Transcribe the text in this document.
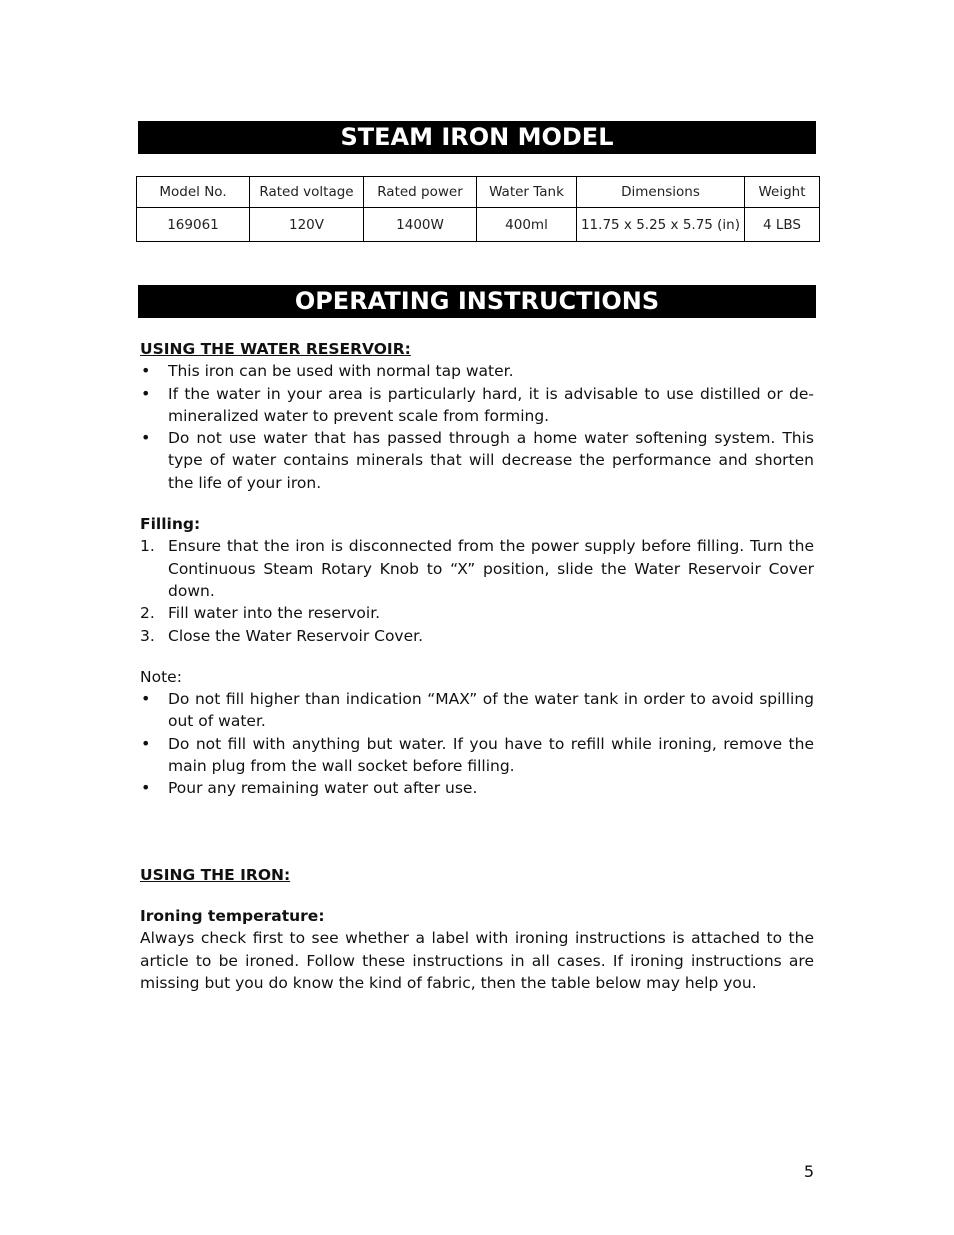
STEAM IRON MODEL
Model No.	Rated voltage	Rated power	Water Tank	Dimensions	Weight
169061	120V	1400W	400ml	11.75 x 5.25 x 5.75 (in)	4 LBS
OPERATING INSTRUCTIONS

USING THE WATER RESERVOIR:

• This iron can be used with normal tap water.
• If the water in your area is particularly hard, it is advisable to use distilled or de-mineralized water to prevent scale from forming.
• Do not use water that has passed through a home water softening system. This type of water contains minerals that will decrease the performance and shorten the life of your iron.

Filling:

1. Ensure that the iron is disconnected from the power supply before filling. Turn the Continuous Steam Rotary Knob to “X” position, slide the Water Reservoir Cover down.
2. Fill water into the reservoir.
3. Close the Water Reservoir Cover.

Note:

• Do not fill higher than indication “MAX” of the water tank in order to avoid spilling out of water.
• Do not fill with anything but water. If you have to refill while ironing, remove the main plug from the wall socket before filling.
• Pour any remaining water out after use.

USING THE IRON:

Ironing temperature:

Always check first to see whether a label with ironing instructions is attached to the article to be ironed. Follow these instructions in all cases. If ironing instructions are missing but you do know the kind of fabric, then the table below may help you.

5
